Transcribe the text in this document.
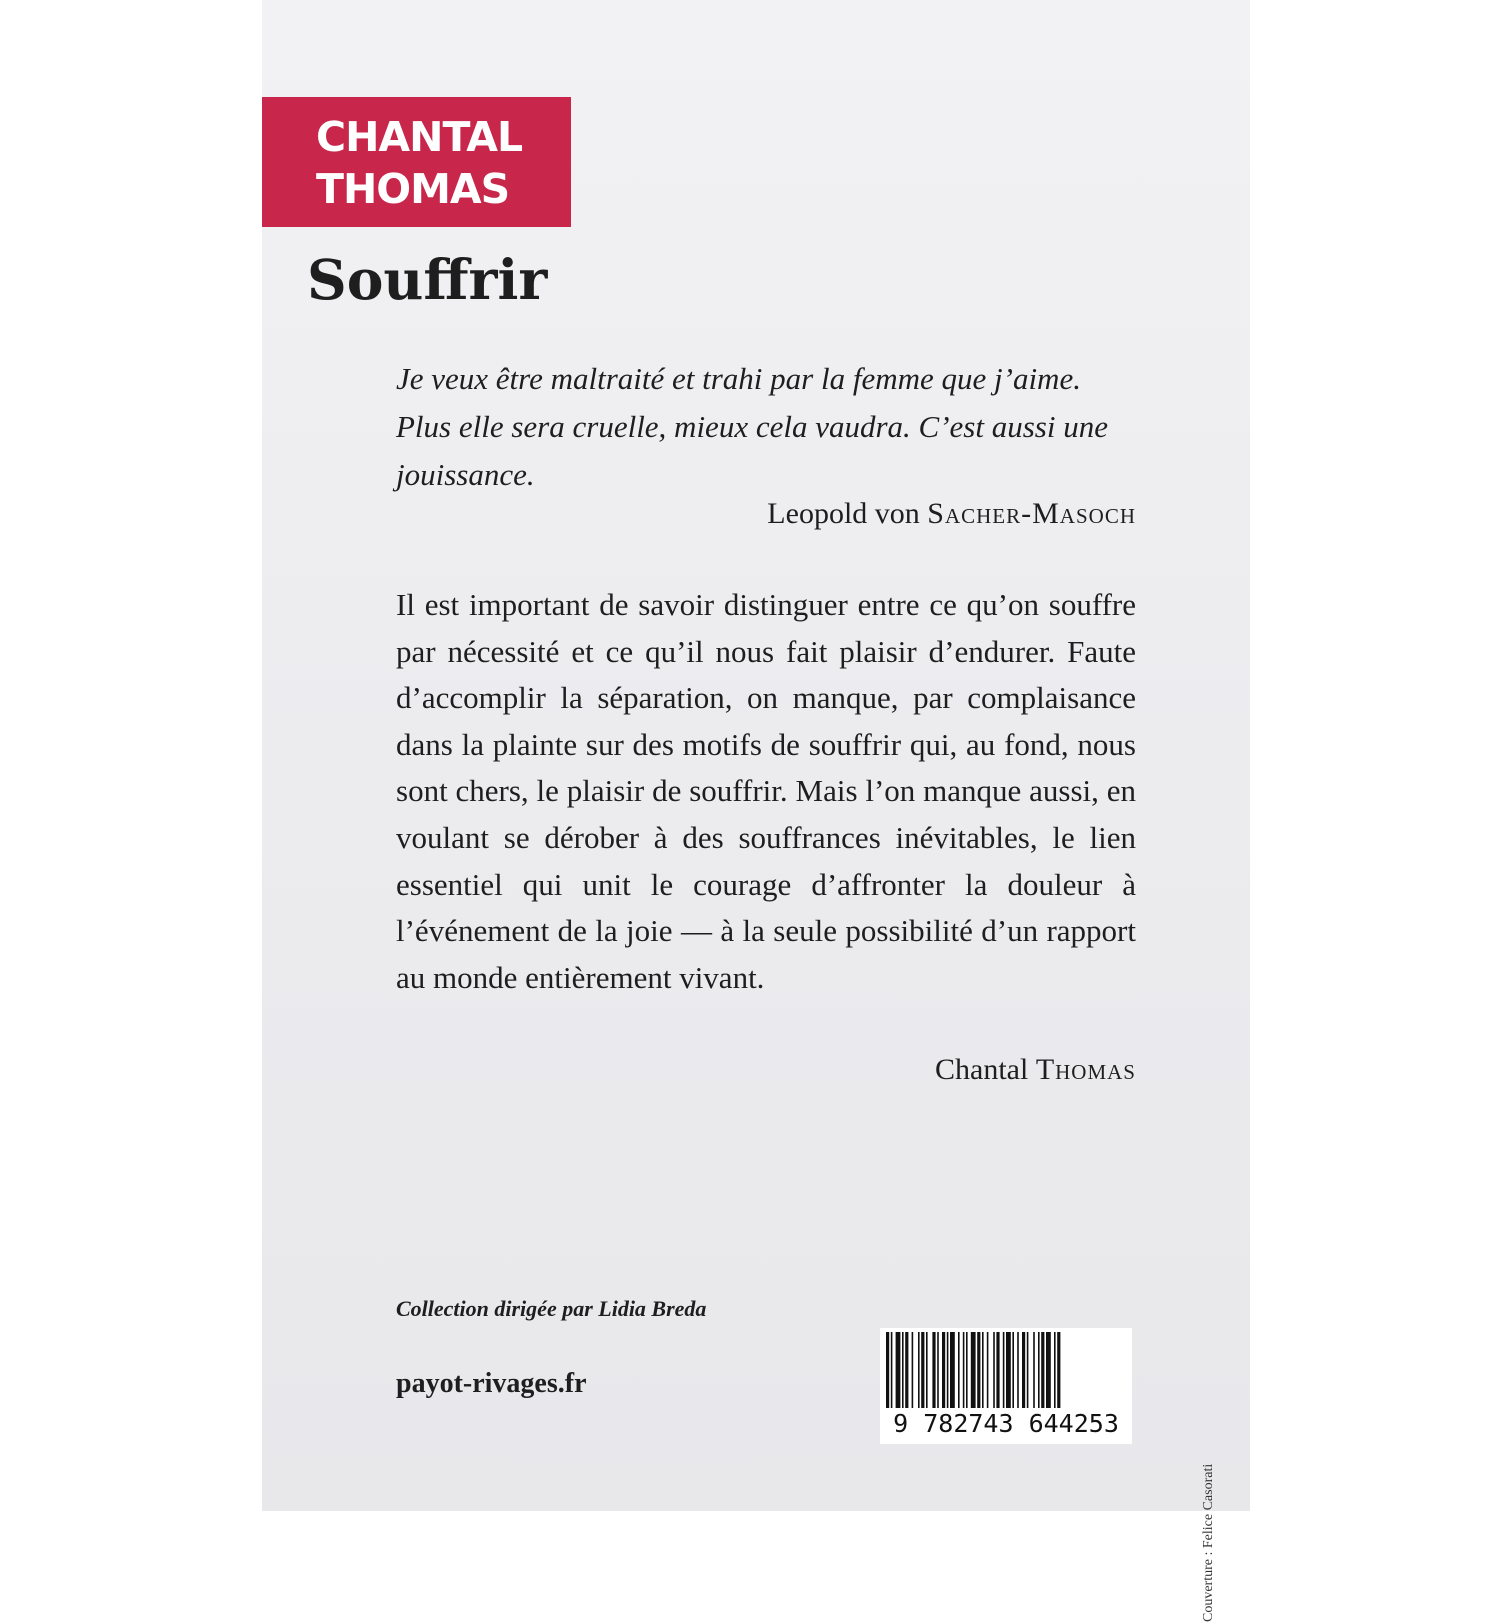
CHANTAL
THOMAS
Souffrir

Je veux être maltraité et trahi par la femme que j’aime. Plus elle sera cruelle, mieux cela vaudra. C’est aussi une jouissance.

Leopold von Sacher-Masoch

Il est important de savoir distinguer entre ce qu’on souffre par nécessité et ce qu’il nous fait plaisir d’endurer. Faute d’accomplir la séparation, on manque, par complaisance dans la plainte sur des motifs de souffrir qui, au fond, nous sont chers, le plaisir de souffrir. Mais l’on manque aussi, en voulant se dérober à des souffrances inévitables, le lien essentiel qui unit le courage d’affronter la douleur à l’événement de la joie — à la seule possibilité d’un rapport au monde entièrement vivant.

Chantal Thomas
Collection dirigée par Lidia Breda
payot-rivages.fr
9 782743 644253
Couverture : Felice Casorati
